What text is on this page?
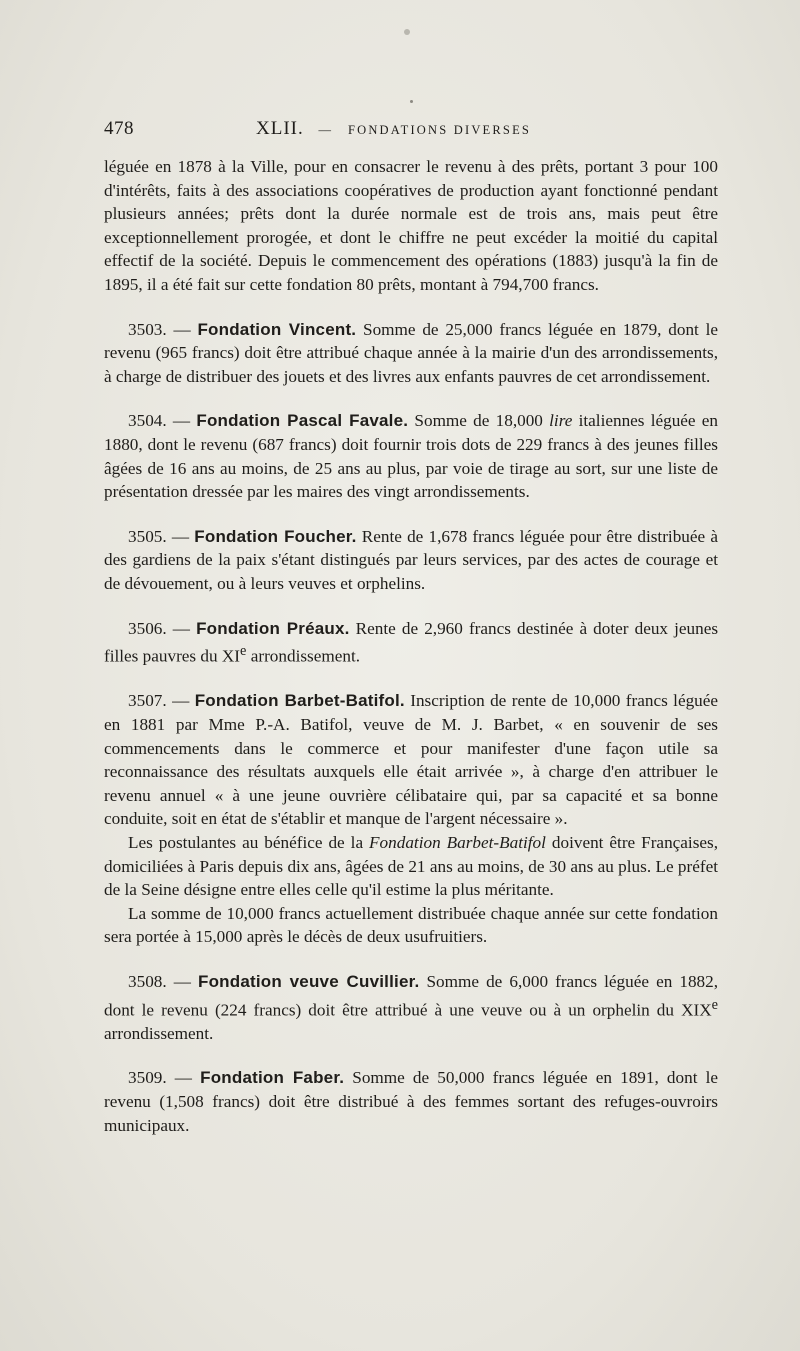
478	XLII. — FONDATIONS DIVERSES

léguée en 1878 à la Ville, pour en consacrer le revenu à des prêts, portant 3 pour 100 d'intérêts, faits à des associations coopératives de production ayant fonctionné pendant plusieurs années; prêts dont la durée normale est de trois ans, mais peut être exceptionnellement prorogée, et dont le chiffre ne peut excéder la moitié du capital effectif de la société. Depuis le commencement des opérations (1883) jusqu'à la fin de 1895, il a été fait sur cette fondation 80 prêts, montant à 794,700 francs.

3503. — Fondation Vincent. Somme de 25,000 francs léguée en 1879, dont le revenu (965 francs) doit être attribué chaque année à la mairie d'un des arrondissements, à charge de distribuer des jouets et des livres aux enfants pauvres de cet arrondissement.

3504. — Fondation Pascal Favale. Somme de 18,000 lire italiennes léguée en 1880, dont le revenu (687 francs) doit fournir trois dots de 229 francs à des jeunes filles âgées de 16 ans au moins, de 25 ans au plus, par voie de tirage au sort, sur une liste de présentation dressée par les maires des vingt arrondissements.

3505. — Fondation Foucher. Rente de 1,678 francs léguée pour être distribuée à des gardiens de la paix s'étant distingués par leurs services, par des actes de courage et de dévouement, ou à leurs veuves et orphelins.

3506. — Fondation Préaux. Rente de 2,960 francs destinée à doter deux jeunes filles pauvres du XIe arrondissement.

3507. — Fondation Barbet-Batifol. Inscription de rente de 10,000 francs léguée en 1881 par Mme P.-A. Batifol, veuve de M. J. Barbet, « en souvenir de ses commencements dans le commerce et pour manifester d'une façon utile sa reconnaissance des résultats auxquels elle était arrivée », à charge d'en attribuer le revenu annuel « à une jeune ouvrière célibataire qui, par sa capacité et sa bonne conduite, soit en état de s'établir et manque de l'argent nécessaire ».

Les postulantes au bénéfice de la Fondation Barbet-Batifol doivent être Françaises, domiciliées à Paris depuis dix ans, âgées de 21 ans au moins, de 30 ans au plus. Le préfet de la Seine désigne entre elles celle qu'il estime la plus méritante.

La somme de 10,000 francs actuellement distribuée chaque année sur cette fondation sera portée à 15,000 après le décès de deux usufruitiers.

3508. — Fondation veuve Cuvillier. Somme de 6,000 francs léguée en 1882, dont le revenu (224 francs) doit être attribué à une veuve ou à un orphelin du XIXe arrondissement.

3509. — Fondation Faber. Somme de 50,000 francs léguée en 1891, dont le revenu (1,508 francs) doit être distribué à des femmes sortant des refuges-ouvroirs municipaux.
